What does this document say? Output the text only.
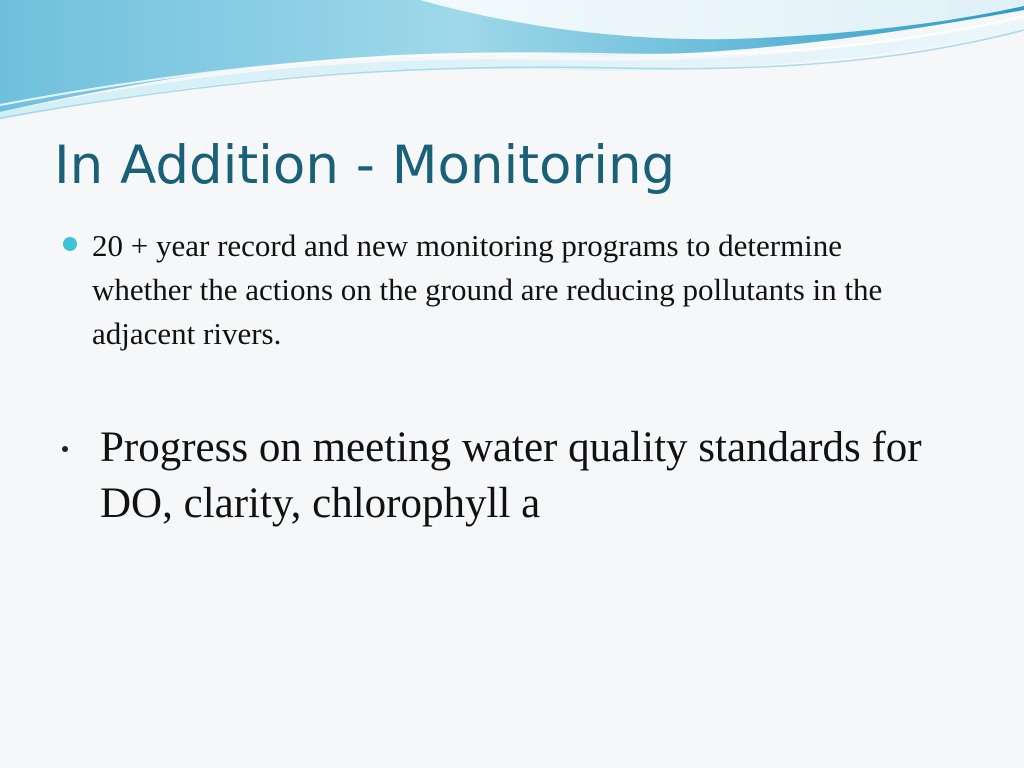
In Addition - Monitoring
20 + year record and new monitoring programs to determine whether the actions on the ground are reducing pollutants in the adjacent rivers.
Progress on meeting water quality standards for DO, clarity, chlorophyll a
